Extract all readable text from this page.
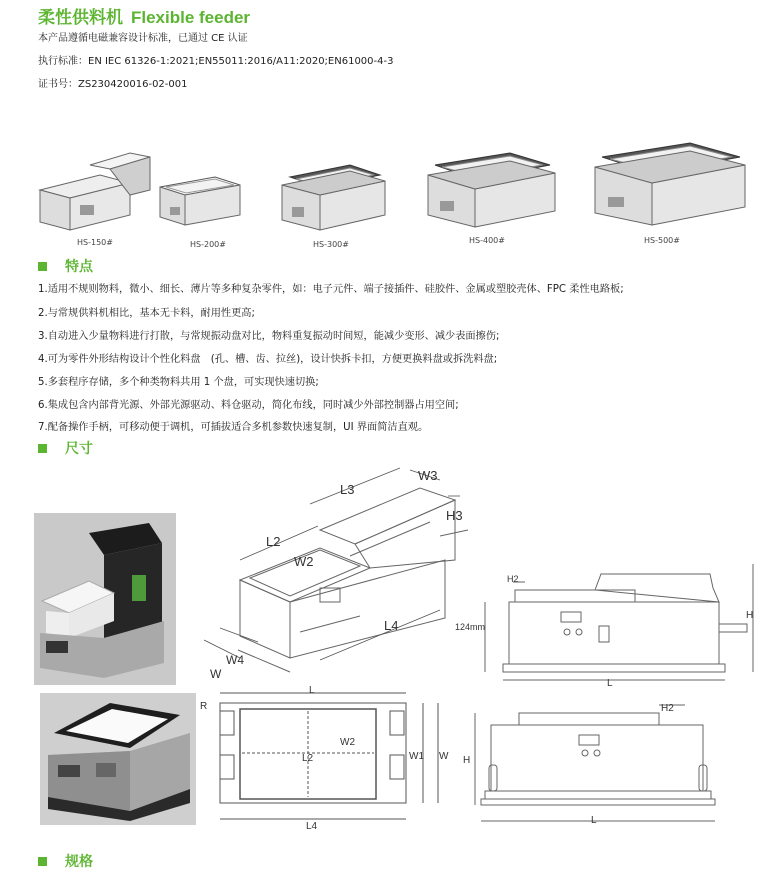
柔性供料机 Flexible feeder
本产品遵循电磁兼容设计标准，已通过 CE 认证
执行标准：EN IEC 61326-1:2021;EN55011:2016/A11:2020;EN61000-4-3
证书号：ZS230420016-02-001
HS-150#	HS-200#	HS-300#	HS-400#	HS-500#
特点
1.适用不规则物料，微小、细长、薄片等多种复杂零件，如：电子元件、端子接插件、硅胶件、金属或塑胶壳体、FPC 柔性电路板;
2.与常规供料机相比，基本无卡料，耐用性更高;
3.自动进入少量物料进行打散，与常规振动盘对比，物料重复振动时间短，能减少变形、减少表面擦伤;
4.可为零件外形结构设计个性化料盘　(孔、槽、齿、拉丝)，设计快拆卡扣，方便更换料盘或拆洗料盘;
5.多套程序存储，多个种类物料共用 1 个盘，可实现快速切换;
6.集成包含内部背光源、外部光源驱动、料仓驱动，简化布线，同时减少外部控制器占用空间;
7.配备操作手柄，可移动便于调机，可插拔适合多机参数快速复制，UI 界面简洁直观。
尺寸
L2
W2
L3
W3
H3
L4
W4
W
H2
124mm
H
L
R
L
L2
W2
W1 W
L4
H
H2
L
规格
